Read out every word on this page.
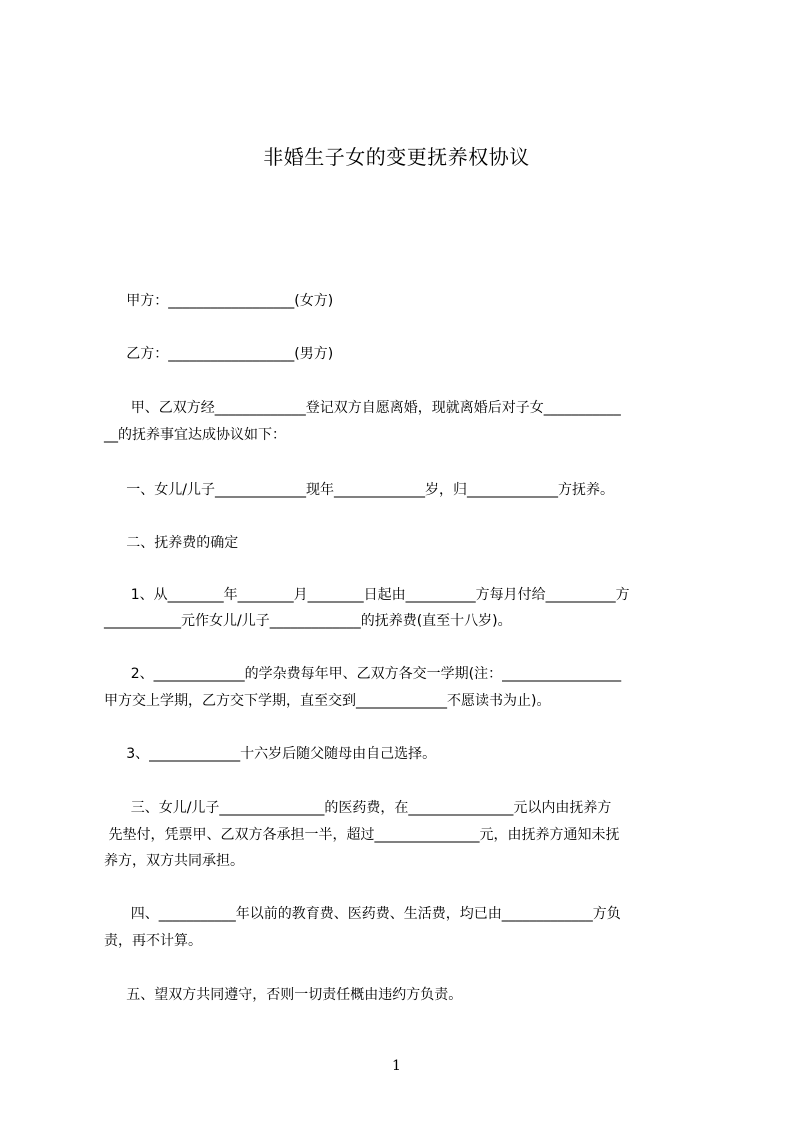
非婚生子女的变更抚养权协议
甲方：__________________(女方)
乙方：__________________(男方)
甲、乙双方经_____________登记双方自愿离婚，现就离婚后对子女___________
__的抚养事宜达成协议如下：
一、女儿/儿子_____________现年_____________岁，归_____________方抚养。
二、抚养费的确定
1、从________年________月________日起由__________方每月付给__________方
___________元作女儿/儿子_____________的抚养费(直至十八岁)。
2、_____________的学杂费每年甲、乙双方各交一学期(注：_________________
甲方交上学期，乙方交下学期，直至交到_____________不愿读书为止)。
3、_____________十六岁后随父随母由自己选择。
三、女儿/儿子_______________的医药费，在_______________元以内由抚养方
先垫付，凭票甲、乙双方各承担一半，超过_______________元，由抚养方通知未抚
养方，双方共同承担。
四、___________年以前的教育费、医药费、生活费，均已由_____________方负
责，再不计算。
五、望双方共同遵守，否则一切责任概由违约方负责。
1
